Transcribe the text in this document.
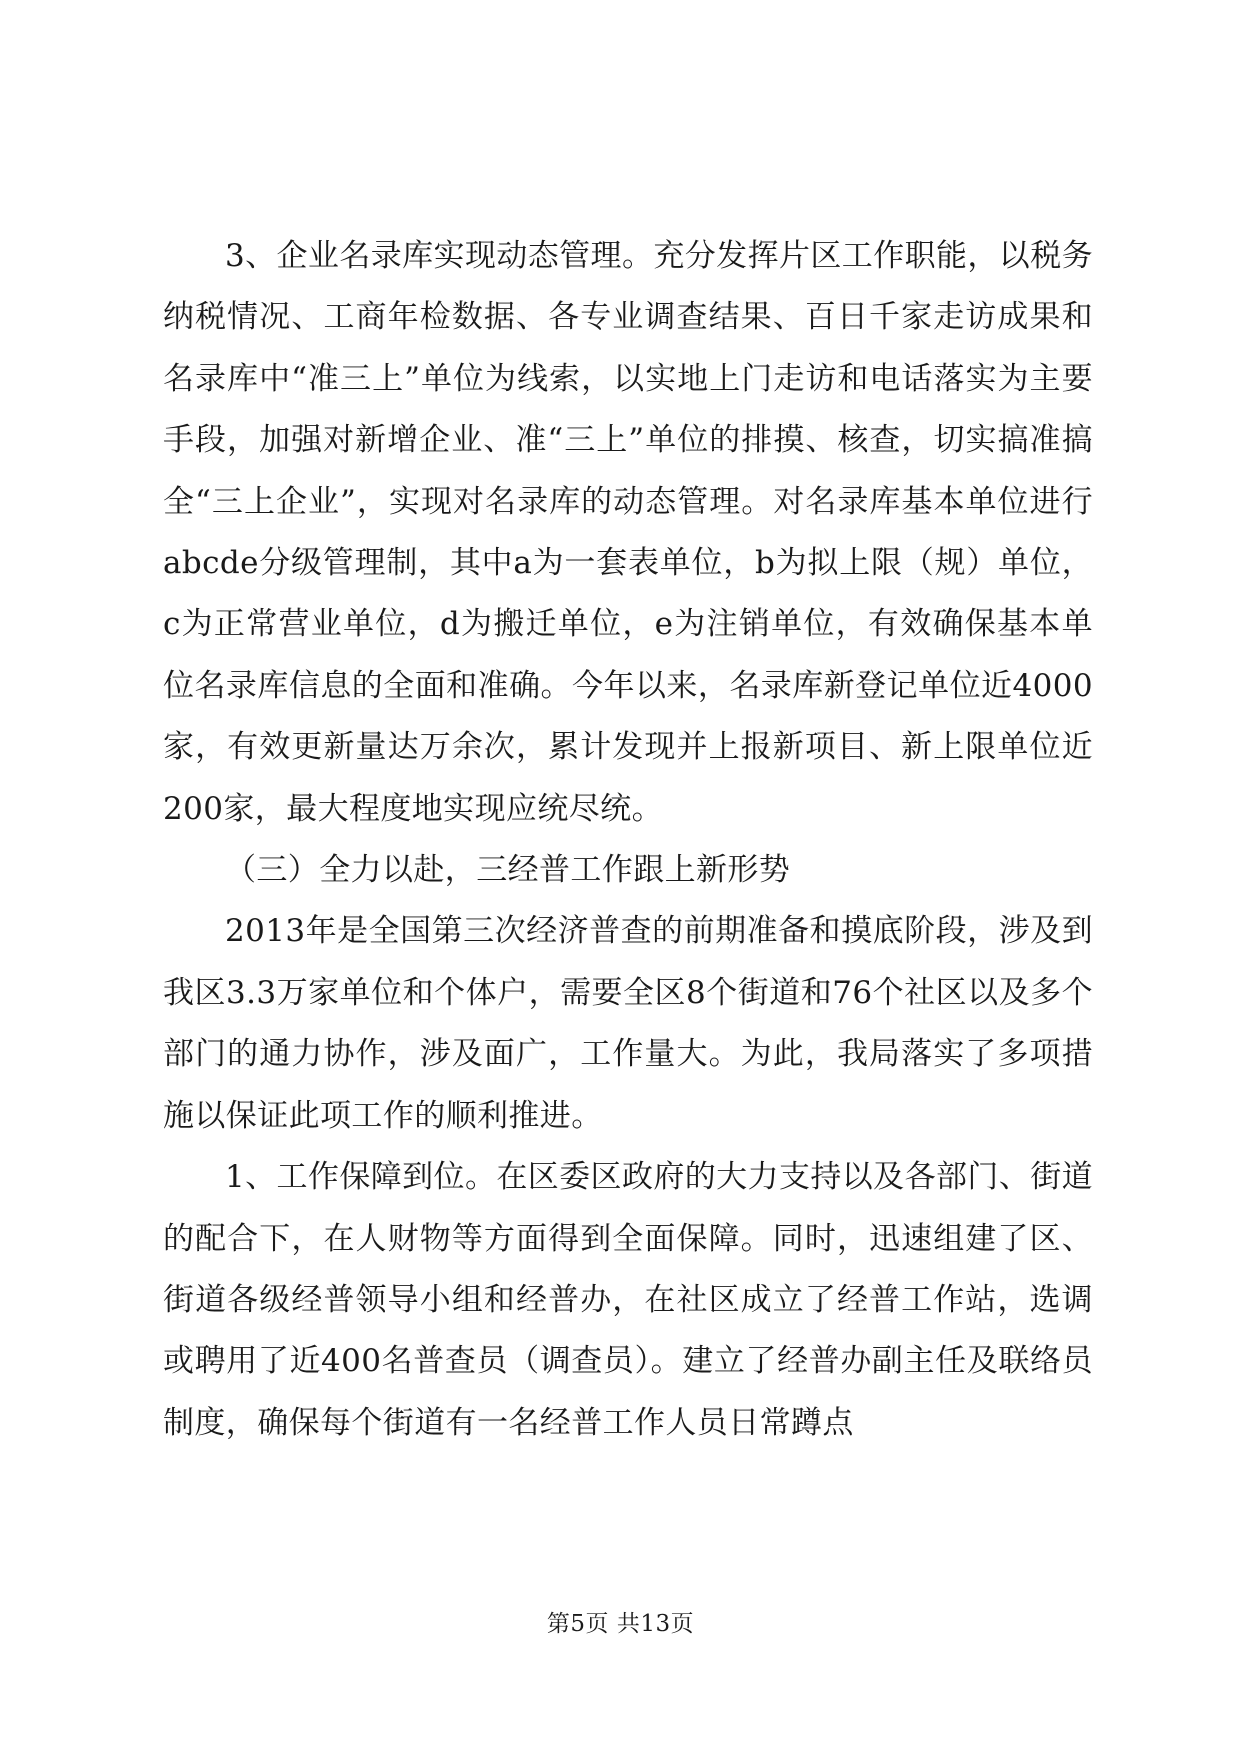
3、企业名录库实现动态管理。充分发挥片区工作职能，以税务纳税情况、工商年检数据、各专业调查结果、百日千家走访成果和名录库中“准三上”单位为线索，以实地上门走访和电话落实为主要手段，加强对新增企业、准“三上”单位的排摸、核查，切实搞准搞全“三上企业”，实现对名录库的动态管理。对名录库基本单位进行abcde分级管理制，其中a为一套表单位，b为拟上限（规）单位，c为正常营业单位，d为搬迁单位，e为注销单位，有效确保基本单位名录库信息的全面和准确。今年以来，名录库新登记单位近4000家，有效更新量达万余次，累计发现并上报新项目、新上限单位近200家，最大程度地实现应统尽统。

（三）全力以赴，三经普工作跟上新形势

2013年是全国第三次经济普查的前期准备和摸底阶段，涉及到我区3.3万家单位和个体户，需要全区8个街道和76个社区以及多个部门的通力协作，涉及面广，工作量大。为此，我局落实了多项措施以保证此项工作的顺利推进。

1、工作保障到位。在区委区政府的大力支持以及各部门、街道的配合下，在人财物等方面得到全面保障。同时，迅速组建了区、街道各级经普领导小组和经普办，在社区成立了经普工作站，选调或聘用了近400名普查员（调查员）。建立了经普办副主任及联络员制度，确保每个街道有一名经普工作人员日常蹲点

第5页 共13页
